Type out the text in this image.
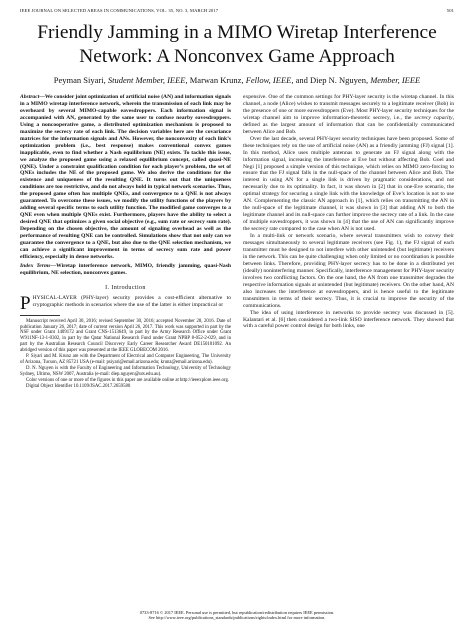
IEEE JOURNAL ON SELECTED AREAS IN COMMUNICATIONS, VOL. 35, NO. 3, MARCH 2017	501
Friendly Jamming in a MIMO Wiretap Interference
Network: A Nonconvex Game Approach
Peyman Siyari, Student Member, IEEE, Marwan Krunz, Fellow, IEEE, and Diep N. Nguyen, Member, IEEE

Abstract—We consider joint optimization of artificial noise (AN) and information signals in a MIMO wiretap interference network, wherein the transmission of each link may be overheard by several MIMO-capable eavesdroppers. Each information signal is accompanied with AN, generated by the same user to confuse nearby eavesdroppers. Using a noncooperative game, a distributed optimization mechanism is proposed to maximize the secrecy rate of each link. The decision variables here are the covariance matrices for the information signals and ANs. However, the nonconvexity of each link’s optimization problem (i.e., best response) makes conventional convex games inapplicable, even to find whether a Nash equilibrium (NE) exists. To tackle this issue, we analyze the proposed game using a relaxed equilibrium concept, called quasi-NE (QNE). Under a constraint qualification condition for each player’s problem, the set of QNEs includes the NE of the proposed game. We also derive the conditions for the existence and uniqueness of the resulting QNE. It turns out that the uniqueness conditions are too restrictive, and do not always hold in typical network scenarios. Thus, the proposed game often has multiple QNEs, and convergence to a QNE is not always guaranteed. To overcome these issues, we modify the utility functions of the players by adding several specific terms to each utility function. The modified game converges to a QNE even when multiple QNEs exist. Furthermore, players have the ability to select a desired QNE that optimizes a given social objective (e.g., sum rate or secrecy sum rate). Depending on the chosen objective, the amount of signaling overhead as well as the performance of resulting QNE can be controlled. Simulations show that not only can we guarantee the convergence to a QNE, but also due to the QNE selection mechanism, we can achieve a significant improvement in terms of secrecy sum rate and power efficiency, especially in dense networks.

Index Terms—Wiretap interference network, MIMO, friendly jamming, quasi-Nash equilibrium, NE selection, nonconvex games.

I. Introduction

PHYSICAL-LAYER (PHY-layer) security provides a cost-efficient alternative to cryptographic methods in scenarios where the use of the latter is either impractical or

Manuscript received April 30, 2016; revised September 30, 2016; accepted November 28, 2016. Date of publication January 26, 2017; date of current version April 26, 2017. This work was supported in part by the NSF under Grant 1409172 and Grant CNS-1513649, in part by the Army Research Office under Grant W911NF-13-1-0302, in part by the Qatar National Research Fund under Grant NPRP 8-052-2-029, and in part by the Australian Research Council Discovery Early Career Researcher Award DE150101092. An abridged version of this paper was presented at the IEEE GLOBECOM 2016.

P. Siyari and M. Krunz are with the Department of Electrical and Computer Engineering, The University of Arizona, Tucson, AZ 85721 USA (e-mail: psiyari@email.arizona.edu; krunz@email.arizona.edu).

D. N. Nguyen is with the Faculty of Engineering and Information Technology, University of Technology Sydney, Ultimo, NSW 2007, Australia (e-mail: diep.nguyen@uts.edu.au).

Color versions of one or more of the figures in this paper are available online at http://ieeexplore.ieee.org.

Digital Object Identifier 10.1109/JSAC.2017.2659580

expensive. One of the common settings for PHY-layer security is the wiretap channel. In this channel, a node (Alice) wishes to transmit messages securely to a legitimate receiver (Bob) in the presence of one or more eavesdroppers (Eve). Most PHY-layer security techniques for the wiretap channel aim to improve information-theoretic secrecy, i.e., the secrecy capacity, defined as the largest amount of information that can be confidentially communicated between Alice and Bob.

Over the last decade, several PHY-layer security techniques have been proposed. Some of these techniques rely on the use of artificial noise (AN) as a friendly jamming (FJ) signal [1]. In this method, Alice uses multiple antennas to generate an FJ signal along with the information signal, increasing the interference at Eve but without affecting Bob. Goel and Negi [1] proposed a simple version of this technique, which relies on MIMO zero-forcing to ensure that the FJ signal falls in the null-space of the channel between Alice and Bob. The interest in using AN for a single link is driven by pragmatic considerations, and not necessarily due to its optimality. In fact, it was shown in [2] that in one-Eve scenario, the optimal strategy for securing a single link with the knowledge of Eve’s location is not to use AN. Complementing the classic AN approach in [1], which relies on transmitting the AN in the null-space of the legitimate channel, it was shown in [3] that adding AN to both the legitimate channel and its null-space can further improve the secrecy rate of a link. In the case of multiple eavesdroppers, it was shown in [4] that the use of AN can significantly improve the secrecy rate compared to the case when AN is not used.

In a multi-link or network scenario, where several transmitters wish to convey their messages simultaneously to several legitimate receivers (see Fig. 1), the FJ signal of each transmitter must be designed to not interfere with other unintended (but legitimate) receivers in the network. This can be quite challenging when only limited or no coordination is possible between links. Therefore, providing PHY-layer secrecy has to be done in a distributed yet (ideally) noninterfering manner. Specifically, interference management for PHY-layer security involves two conflicting factors. On the one hand, the AN from one transmitter degrades the respective information signals at unintended (but legitimate) receivers. On the other hand, AN also increases the interference at eavesdroppers, and is hence useful to the legitimate transmitters in terms of their secrecy. Thus, it is crucial to improve the security of the communications.

The idea of using interference in networks to provide secrecy was discussed in [5]. Kalantari et al. [6] then considered a two-link SISO interference network. They showed that with a careful power control design for both links, one

0733-8716 © 2017 IEEE. Personal use is permitted, but republication/redistribution requires IEEE permission.
See http://www.ieee.org/publications_standards/publications/rights/index.html for more information.
